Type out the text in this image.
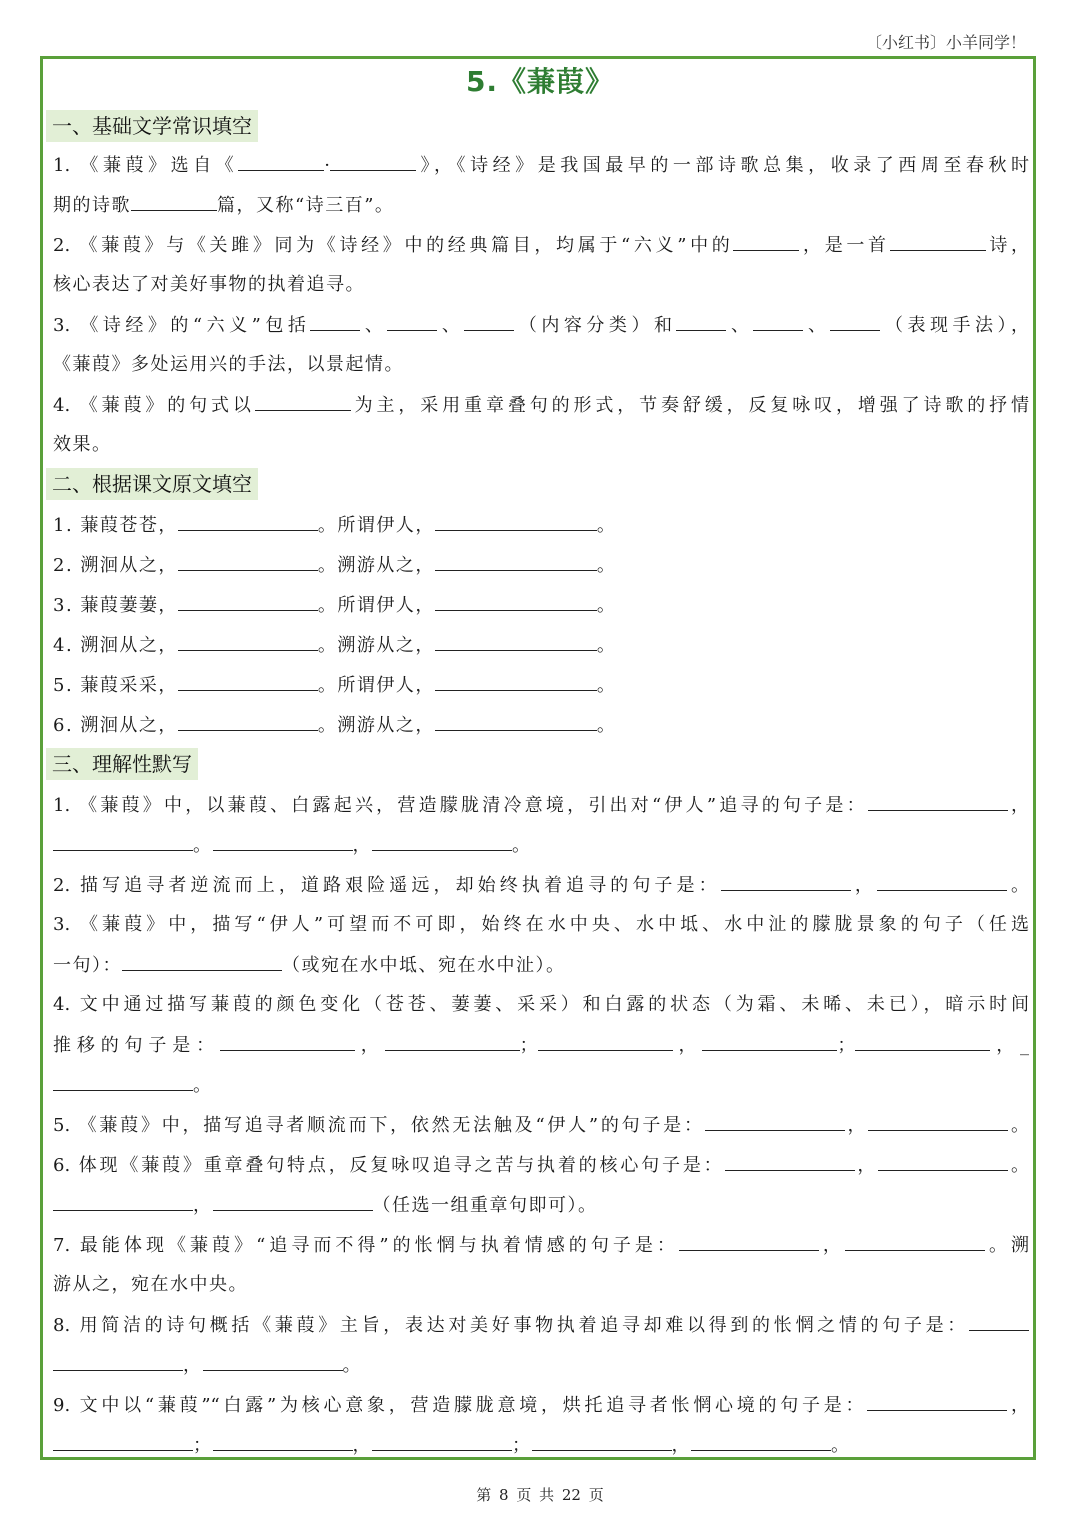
〔小红书〕小羊同学！
5.《蒹葭》
一、基础文学常识填空
1. 《蒹葭》选自《	·	》，《诗经》是我国最早的一部诗歌总集，收录了西周至春秋时
期的诗歌	篇，又称“诗三百”。
2. 《蒹葭》与《关雎》同为《诗经》中的经典篇目，均属于“六义”中的	，是一首	诗，
核心表达了对美好事物的执着追寻。
3. 《诗经》的“六义”包括	、	、	（内容分类）和	、	、	（表现手法），
《蒹葭》多处运用兴的手法，以景起情。
4. 《蒹葭》的句式以	为主，采用重章叠句的形式，节奏舒缓，反复咏叹，增强了诗歌的抒情
效果。
二、根据课文原文填空
1. 蒹葭苍苍，	。所谓伊人，	。
2. 溯洄从之，	。溯游从之，	。
3. 蒹葭萋萋，	。所谓伊人，	。
4. 溯洄从之，	。溯游从之，	。
5. 蒹葭采采，	。所谓伊人，	。
6. 溯洄从之，	。溯游从之，	。
三、理解性默写
1. 《蒹葭》中，以蒹葭、白露起兴，营造朦胧清冷意境，引出对“伊人”追寻的句子是：	，
。	，	。
2. 描写追寻者逆流而上，道路艰险遥远，却始终执着追寻的句子是：	，	。
3. 《蒹葭》中，描写“伊人”可望而不可即，始终在水中央、水中坻、水中沚的朦胧景象的句子（任选
一句）：	（或宛在水中坻、宛在水中沚）。
4. 文中通过描写蒹葭的颜色变化（苍苍、萋萋、采采）和白露的状态（为霜、未晞、未已），暗示时间
推移的句子是：	，	；	，	；	，_
。
5. 《蒹葭》中，描写追寻者顺流而下，依然无法触及“伊人”的句子是：	，	。
6. 体现《蒹葭》重章叠句特点，反复咏叹追寻之苦与执着的核心句子是：	，	。
，	（任选一组重章句即可）。
7. 最能体现《蒹葭》“追寻而不得”的怅惘与执着情感的句子是：	，	。溯
游从之，宛在水中央。
8. 用简洁的诗句概括《蒹葭》主旨，表达对美好事物执着追寻却难以得到的怅惘之情的句子是：
，	。
9. 文中以“蒹葭”“白露”为核心意象，营造朦胧意境，烘托追寻者怅惘心境的句子是：	，
；	，	；	，	。
第 8 页 共 22 页
